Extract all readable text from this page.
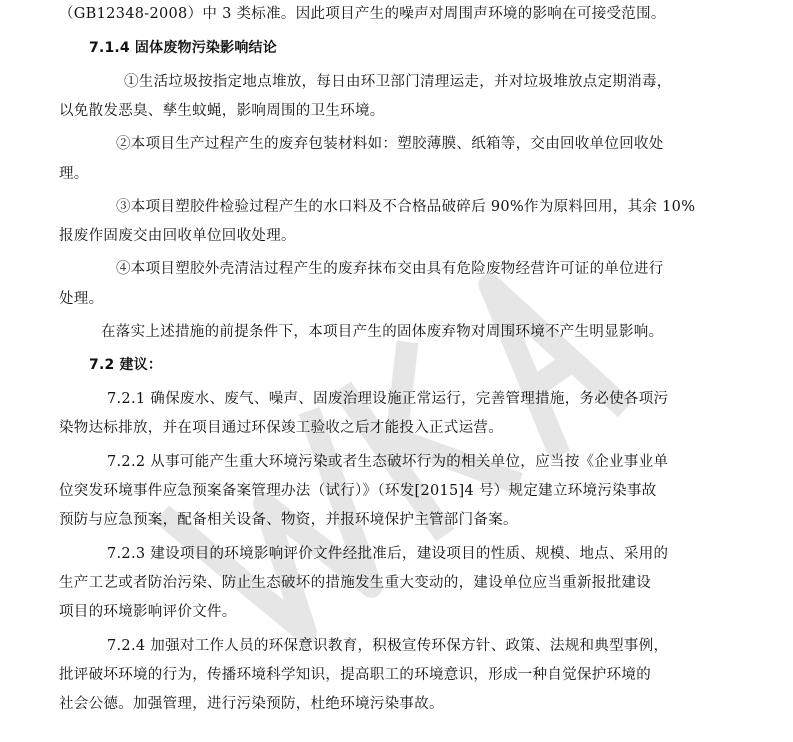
（GB12348-2008）中 3 类标准。因此项目产生的噪声对周围声环境的影响在可接受范围。
7.1.4 固体废物污染影响结论
①生活垃圾按指定地点堆放，每日由环卫部门清理运走，并对垃圾堆放点定期消毒，
以免散发恶臭、孳生蚊蝇，影响周围的卫生环境。
②本项目生产过程产生的废弃包装材料如：塑胶薄膜、纸箱等，交由回收单位回收处
理。
③本项目塑胶件检验过程产生的水口料及不合格品破碎后 90%作为原料回用，其余 10%
报废作固废交由回收单位回收处理。
④本项目塑胶外壳清洁过程产生的废弃抹布交由具有危险废物经营许可证的单位进行
处理。
在落实上述措施的前提条件下，本项目产生的固体废弃物对周围环境不产生明显影响。
7.2 建议：
7.2.1 确保废水、废气、噪声、固废治理设施正常运行，完善管理措施，务必使各项污
染物达标排放，并在项目通过环保竣工验收之后才能投入正式运营。
7.2.2 从事可能产生重大环境污染或者生态破坏行为的相关单位，应当按《企业事业单
位突发环境事件应急预案备案管理办法（试行）》（环发[2015]4 号）规定建立环境污染事故
预防与应急预案，配备相关设备、物资，并报环境保护主管部门备案。
7.2.3 建设项目的环境影响评价文件经批准后，建设项目的性质、规模、地点、采用的
生产工艺或者防治污染、防止生态破坏的措施发生重大变动的，建设单位应当重新报批建设
项目的环境影响评价文件。
7.2.4 加强对工作人员的环保意识教育，积极宣传环保方针、政策、法规和典型事例，
批评破坏环境的行为，传播环境科学知识，提高职工的环境意识，形成一种自觉保护环境的
社会公德。加强管理，进行污染预防，杜绝环境污染事故。
